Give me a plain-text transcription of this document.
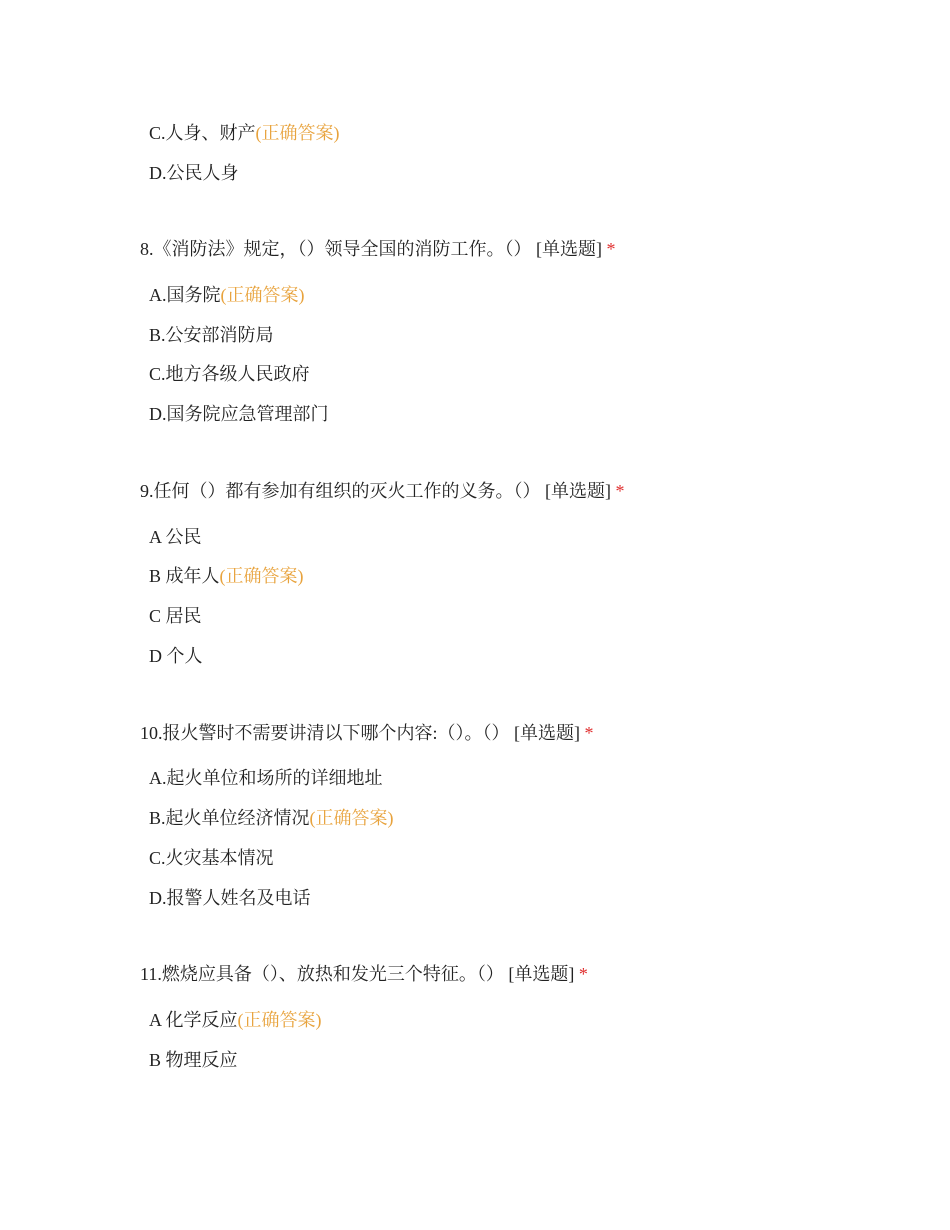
C.人身、财产(正确答案)
D.公民人身
8.《消防法》规定，（）领导全国的消防工作。（） [单选题] *
A.国务院(正确答案)
B.公安部消防局
C.地方各级人民政府
D.国务院应急管理部门
9.任何（）都有参加有组织的灭火工作的义务。（） [单选题] *
A 公民
B 成年人(正确答案)
C 居民
D 个人
10.报火警时不需要讲清以下哪个内容:（）。（） [单选题] *
A.起火单位和场所的详细地址
B.起火单位经济情况(正确答案)
C.火灾基本情况
D.报警人姓名及电话
11.燃烧应具备（）、放热和发光三个特征。（） [单选题] *
A 化学反应(正确答案)
B 物理反应
